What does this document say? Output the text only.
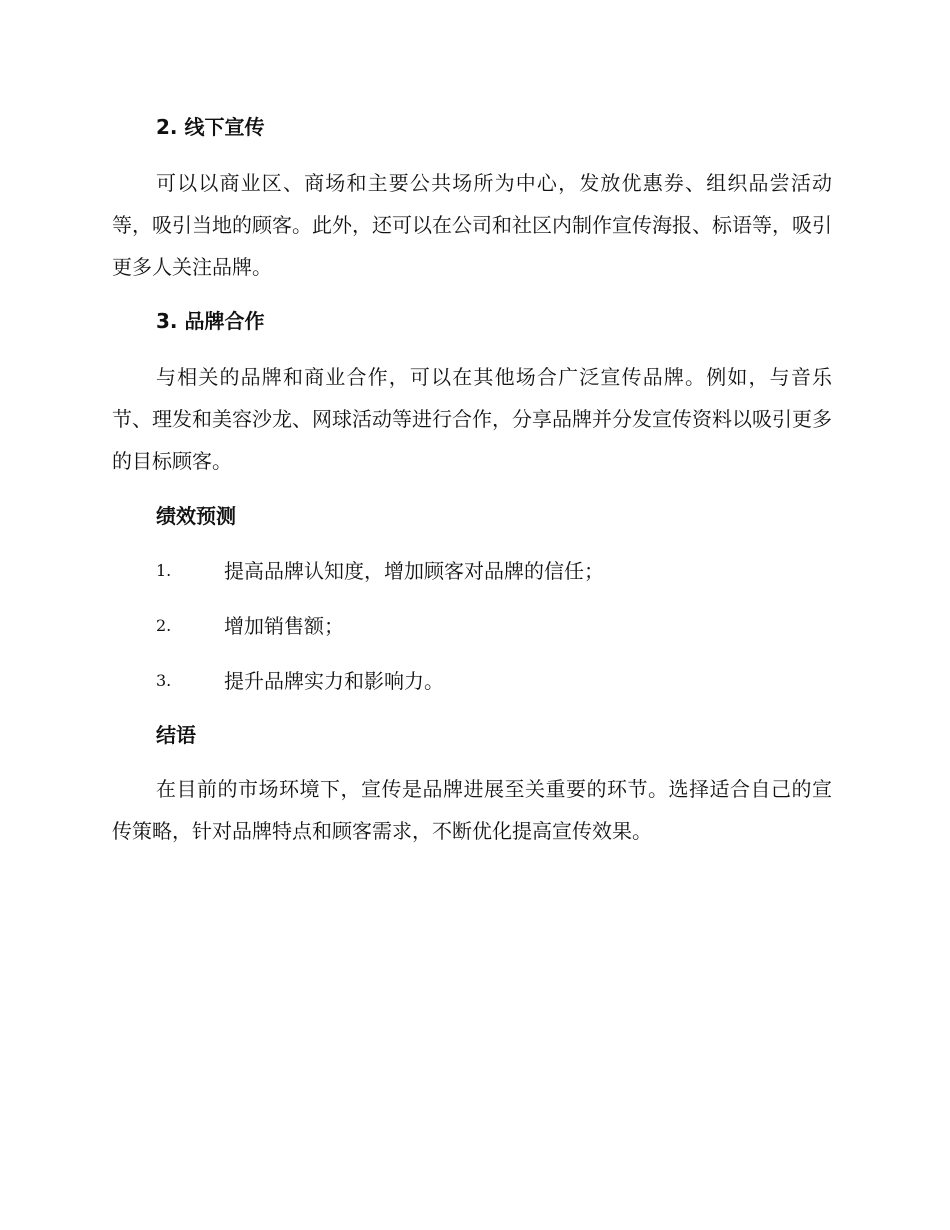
2. 线下宣传

可以以商业区、商场和主要公共场所为中心，发放优惠券、组织品尝活动等，吸引当地的顾客。此外，还可以在公司和社区内制作宣传海报、标语等，吸引更多人关注品牌。

3. 品牌合作

与相关的品牌和商业合作，可以在其他场合广泛宣传品牌。例如，与音乐节、理发和美容沙龙、网球活动等进行合作，分享品牌并分发宣传资料以吸引更多的目标顾客。

绩效预测
1.	提高品牌认知度，增加顾客对品牌的信任；
2.	增加销售额；
3.	提升品牌实力和影响力。
结语

在目前的市场环境下，宣传是品牌进展至关重要的环节。选择适合自己的宣传策略，针对品牌特点和顾客需求，不断优化提高宣传效果。
